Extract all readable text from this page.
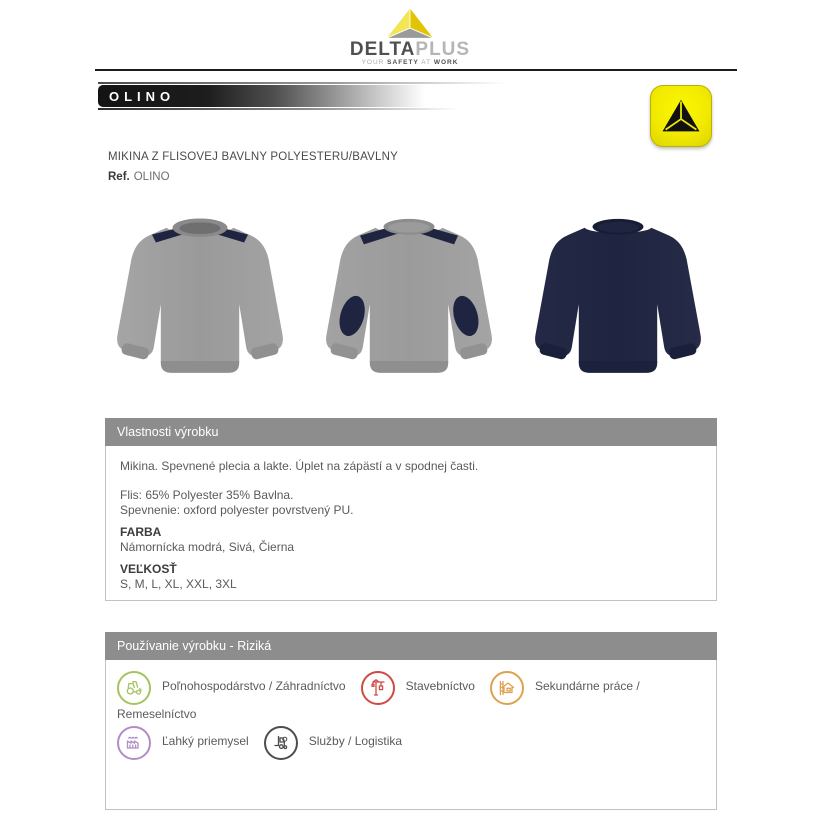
DELTAPLUS
YOUR SAFETY AT WORK
OLINO
MIKINA Z FLISOVEJ BAVLNY POLYESTERU/BAVLNY
Ref. OLINO
Vlastnosti výrobku
Mikina. Spevnené plecia a lakte. Úplet na zápästí a v spodnej časti.
Flis: 65% Polyester 35% Bavlna.
Spevnenie: oxford polyester povrstvený PU.
FARBA
Námornícka modrá, Sivá, Čierna
VEĽKOSŤ
S, M, L, XL, XXL, 3XL
Používanie výrobku - Riziká
Poľnohospodárstvo / Záhradníctvo	Stavebníctvo	Sekundárne práce / Remeselníctvo
Ľahký priemysel	Služby / Logistika
